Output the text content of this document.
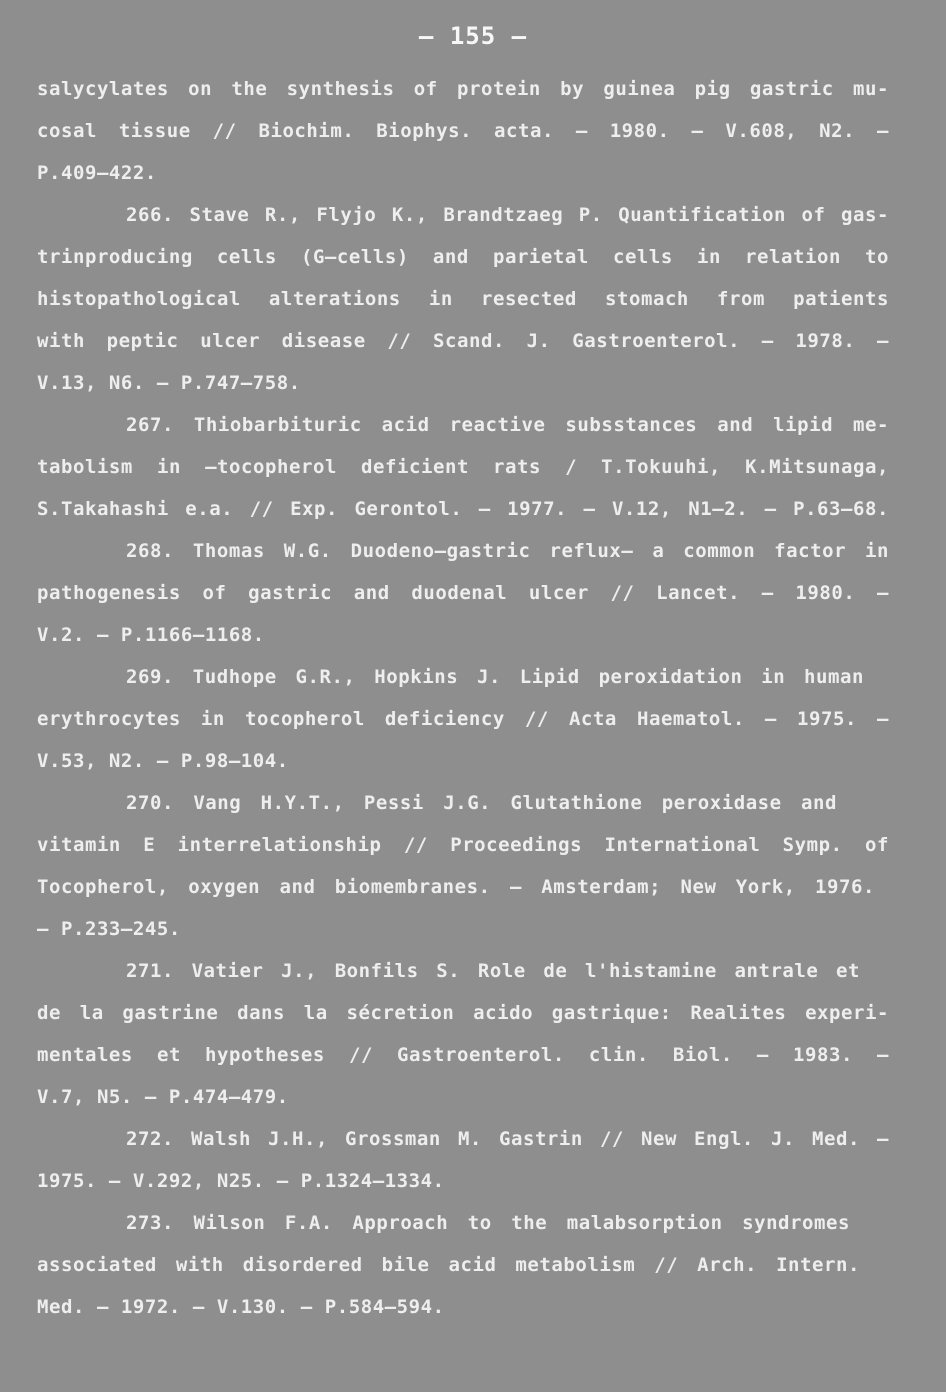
– 155 –
salycylates on the synthesis of protein by guinea pig gastric mu-
cosal tissue // Biochim. Biophys. acta. – 1980. – V.608, N2. –
P.409–422.
266. Stave R., Flyjo K., Brandtzaeg P. Quantification of gas-
trinproducing cells (G–cells) and parietal cells in relation to
histopathological alterations in resected stomach from patients
with peptic ulcer disease // Scand. J. Gastroenterol. – 1978. –
V.13, N6. – P.747–758.
267. Thiobarbituric acid reactive subsstances and lipid me-
tabolism in –tocopherol deficient rats / T.Tokuuhi, K.Mitsunaga,
S.Takahashi e.a. // Exp. Gerontol. – 1977. – V.12, N1–2. – P.63–68.
268. Thomas W.G. Duodeno–gastric reflux– a common factor in
pathogenesis of gastric and duodenal ulcer // Lancet. – 1980. –
V.2. – P.1166–1168.
269. Tudhope G.R., Hopkins J. Lipid peroxidation in human
erythrocytes in tocopherol deficiency // Acta Haematol. – 1975. –
V.53, N2. – P.98–104.
270. Vang H.Y.T., Pessi J.G. Glutathione peroxidase and
vitamin E interrelationship // Proceedings International Symp. of
Tocopherol, oxygen and biomembranes. – Amsterdam; New York, 1976.
– P.233–245.
271. Vatier J., Bonfils S. Role de l'histamine antrale et
de la gastrine dans la sécretion acido gastrique: Realites experi-
mentales et hypotheses // Gastroenterol. clin. Biol. – 1983. –
V.7, N5. – P.474–479.
272. Walsh J.H., Grossman M. Gastrin // New Engl. J. Med. –
1975. – V.292, N25. – P.1324–1334.
273. Wilson F.A. Approach to the malabsorption syndromes
associated with disordered bile acid metabolism // Arch. Intern.
Med. – 1972. – V.130. – P.584–594.
